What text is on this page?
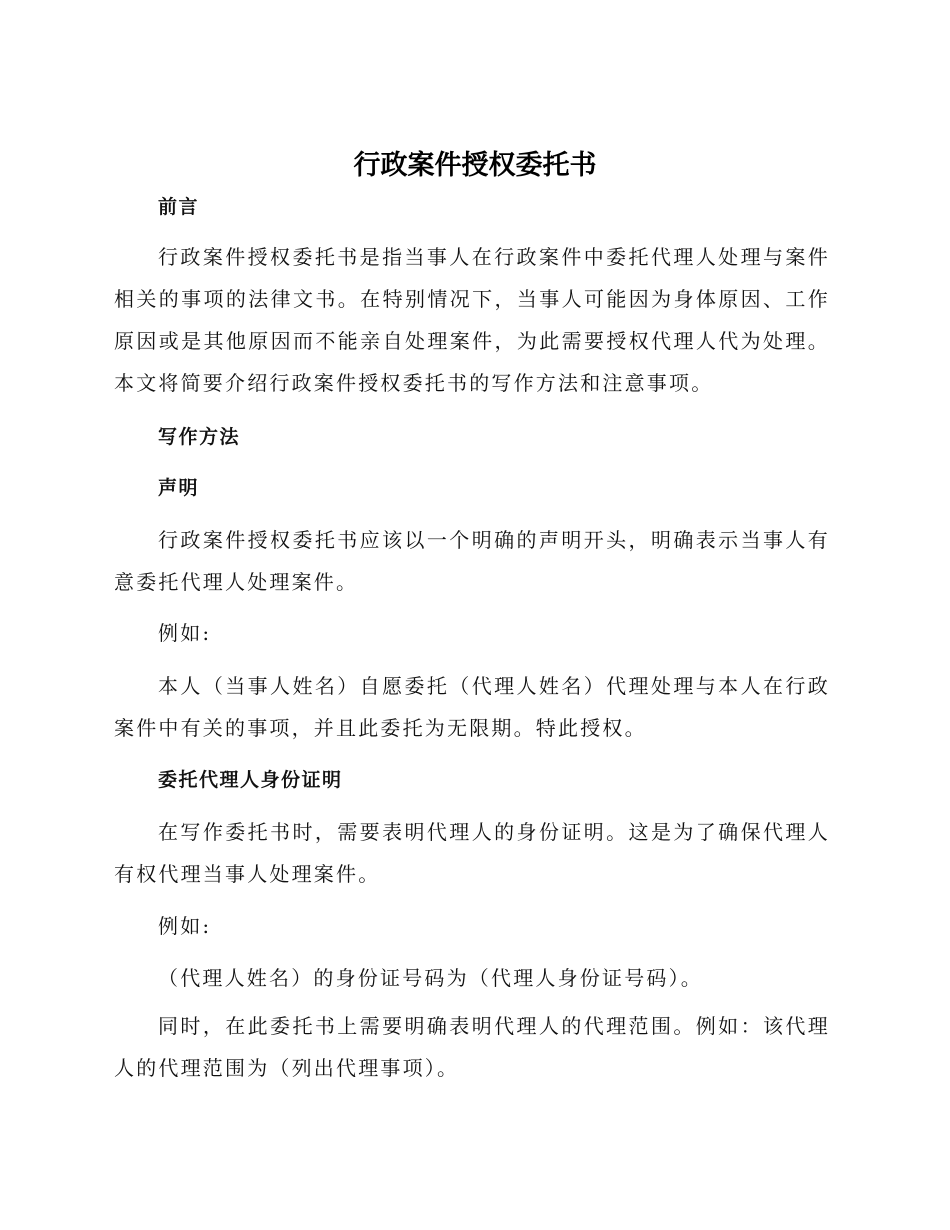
行政案件授权委托书
前言
行政案件授权委托书是指当事人在行政案件中委托代理人处理与案件相关的事项的法律文书。在特别情况下，当事人可能因为身体原因、工作原因或是其他原因而不能亲自处理案件，为此需要授权代理人代为处理。本文将简要介绍行政案件授权委托书的写作方法和注意事项。
写作方法
声明
行政案件授权委托书应该以一个明确的声明开头，明确表示当事人有意委托代理人处理案件。
例如:
本人（当事人姓名）自愿委托（代理人姓名）代理处理与本人在行政案件中有关的事项，并且此委托为无限期。特此授权。
委托代理人身份证明
在写作委托书时，需要表明代理人的身份证明。这是为了确保代理人有权代理当事人处理案件。
例如:
（代理人姓名）的身份证号码为（代理人身份证号码）。
同时，在此委托书上需要明确表明代理人的代理范围。例如：该代理人的代理范围为（列出代理事项）。
